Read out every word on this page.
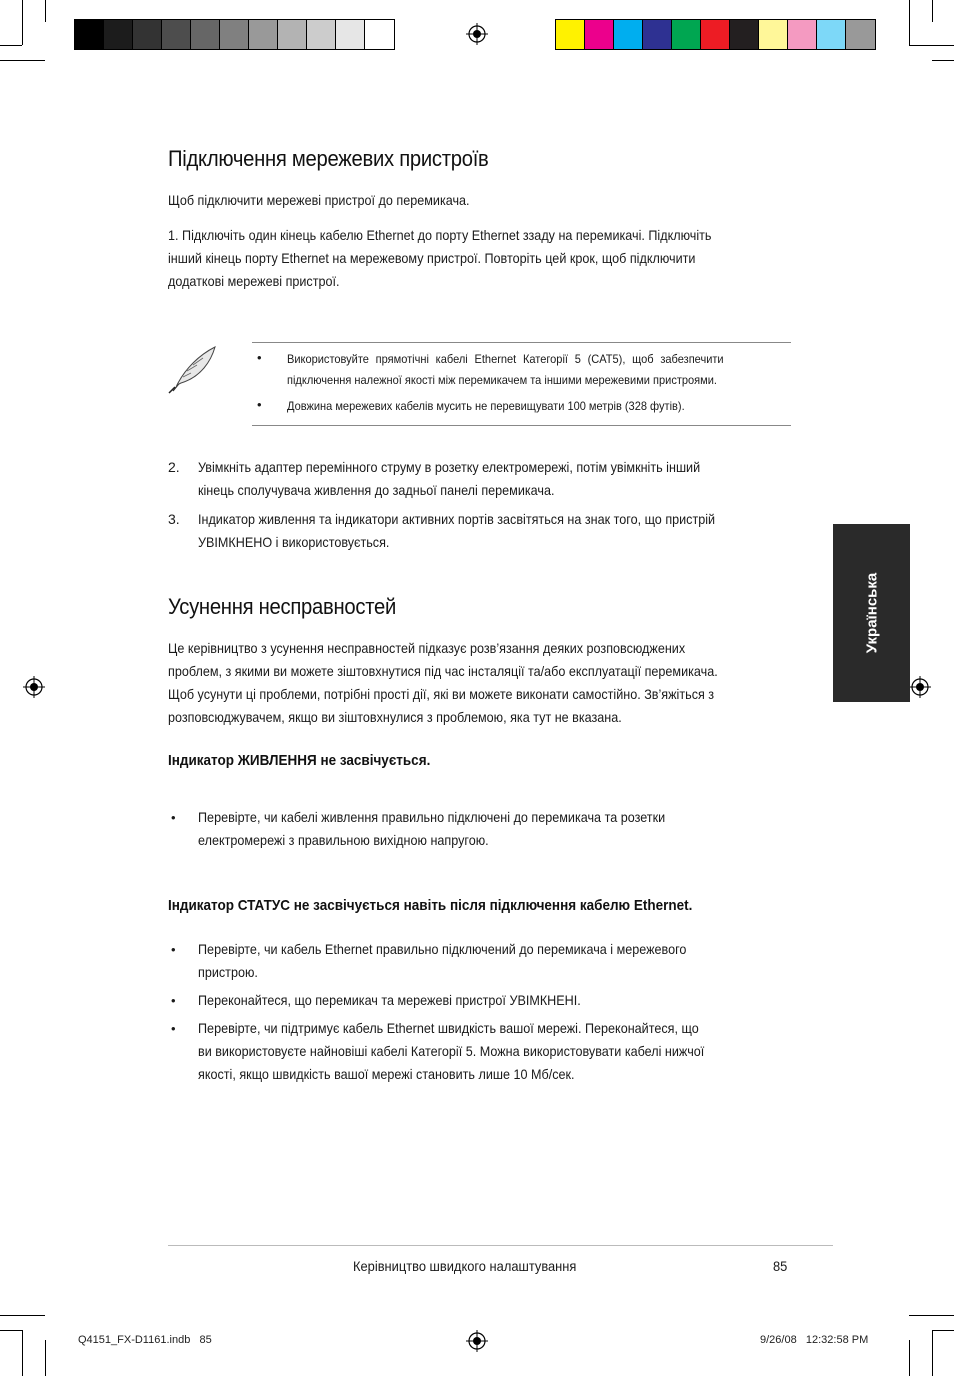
Підключення мережевих пристроїв

Щоб підключити мережеві пристрої до перемикача.

1. Підключіть один кінець кабелю Ethernet до порту Ethernet ззаду на перемикачі. Підключіть

інший кінець порту Ethernet на мережевому пристрої. Повторіть цей крок, щоб підключити

додаткові мережеві пристрої.

• Використовуйте прямотічні кабелі Ethernet Категорії 5 (CAT5), щоб забезпечити

підключення належної якості між перемикачем та іншими мережевими пристроями.

• Довжина мережевих кабелів мусить не перевищувати 100 метрів (328 футів).

2. Увімкніть адаптер перемінного струму в розетку електромережі, потім увімкніть інший

кінець сполучувача живлення до задньої панелі перемикача.

3. Індикатор живлення та індикатори активних портів засвітяться на знак того, що пристрій

УВІМКНЕНО і використовується.

Усунення несправностей

Це керівництво з усунення несправностей підказує розв’язання деяких розповсюджених

проблем, з якими ви можете зіштовхнутися під час інсталяції та/або експлуатації перемикача.

Щоб усунути ці проблеми, потрібні прості дії, які ви можете виконати самостійно. Зв’яжіться з

розповсюджувачем, якщо ви зіштовхнулися з проблемою, яка тут не вказана.

Індикатор ЖИВЛЕННЯ не засвічується.
• Перевірте, чи кабелі живлення правильно підключені до перемикача та розетки

електромережі з правильною вихідною напругою.

Індикатор СТАТУС не засвічується навіть після підключення кабелю Ethernet.
• Перевірте, чи кабель Ethernet правильно підключений до перемикача і мережевого

пристрою.

• Переконайтеся, що перемикач та мережеві пристрої УВІМКНЕНІ.

• Перевірте, чи підтримує кабель Ethernet швидкість вашої мережі. Переконайтеся, що

ви використовуєте найновіші кабелі Категорії 5. Можна використовувати кабелі нижчої

якості, якщо швидкість вашої мережі становить лише 10 Мб/сек.

Українська
Керівництво швидкого налаштування	85
Q4151_FX-D1161.indb   85	9/26/08   12:32:58 PM
